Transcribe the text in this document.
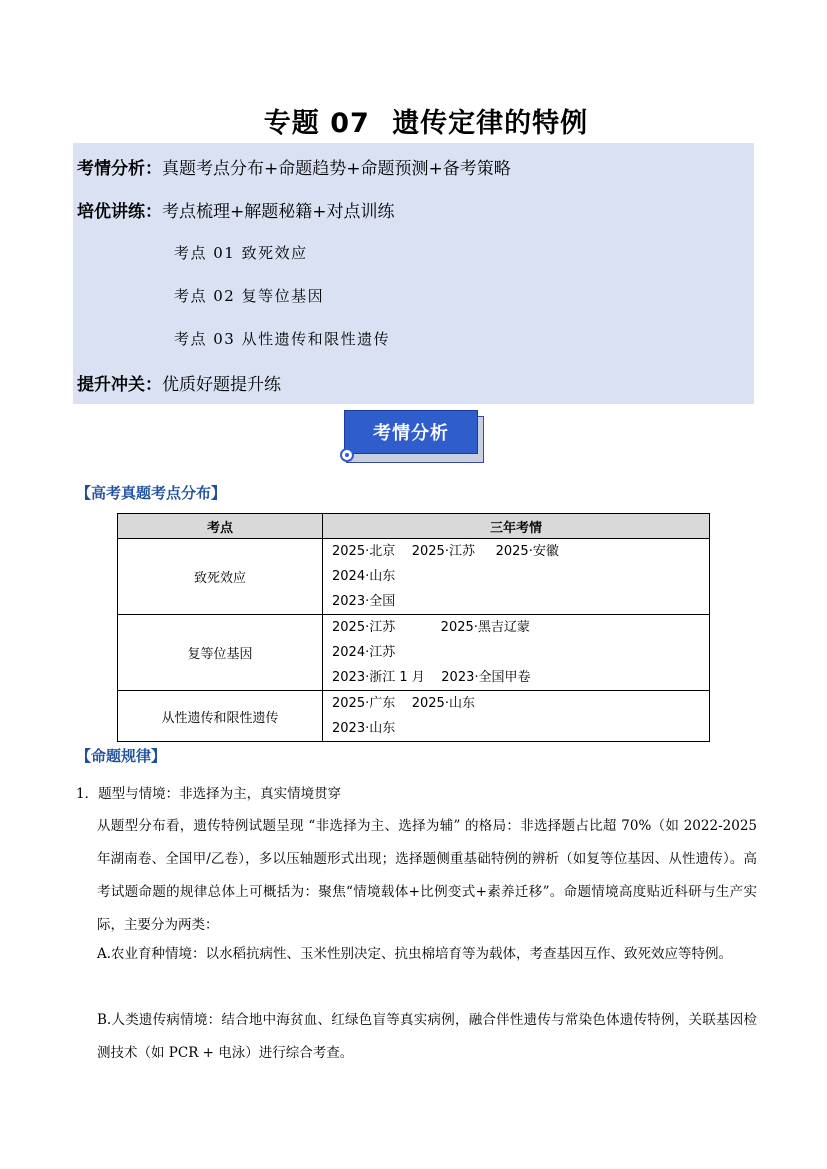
专题 07 遗传定律的特例
考情分析：真题考点分布+命题趋势+命题预测+备考策略
培优讲练：考点梳理+解题秘籍+对点训练
考点 01 致死效应
考点 02 复等位基因
考点 03 从性遗传和限性遗传
提升冲关：优质好题提升练
考情分析
【高考真题考点分布】
考点	三年考情
致死效应	2025·北京    2025·江苏     2025·安徽
2024·山东
2023·全国

复等位基因	2025·江苏           2025·黑吉辽蒙
2024·江苏
2023·浙江 1 月    2023·全国甲卷

从性遗传和限性遗传	2025·广东    2025·山东
2023·山东
【命题规律】
1．题型与情境：非选择为主，真实情境贯穿
从题型分布看，遗传特例试题呈现 “非选择为主、选择为辅” 的格局：非选择题占比超 70%（如 2022-2025 年湖南卷、全国甲/乙卷），多以压轴题形式出现；选择题侧重基础特例的辨析（如复等位基因、从性遗传）。高考试题命题的规律总体上可概括为：聚焦“情境载体+比例变式+素养迁移”。命题情境高度贴近科研与生产实际，主要分为两类：
A.农业育种情境：以水稻抗病性、玉米性别决定、抗虫棉培育等为载体，考查基因互作、致死效应等特例。
B.人类遗传病情境：结合地中海贫血、红绿色盲等真实病例，融合伴性遗传与常染色体遗传特例，关联基因检测技术（如 PCR + 电泳）进行综合考查。
